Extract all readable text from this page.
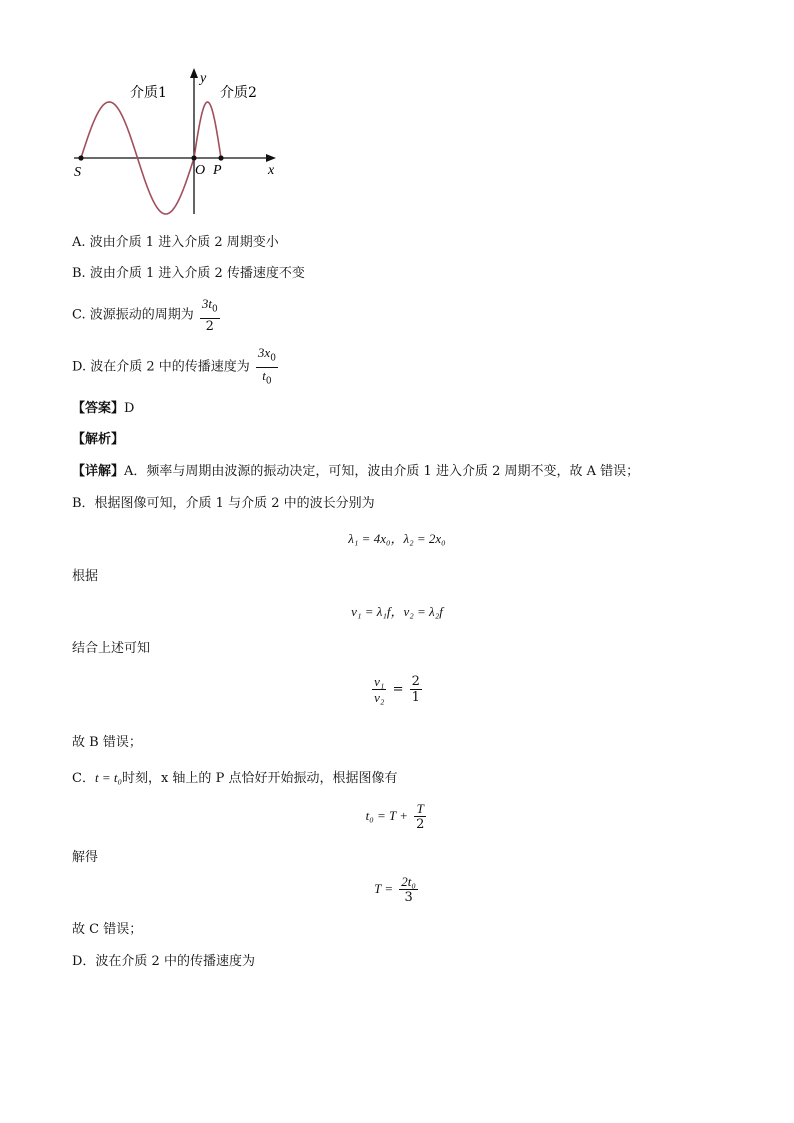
介质1	介质2
y
x
S	O P
A. 波由介质 1 进入介质 2 周期变小
B. 波由介质 1 进入介质 2 传播速度不变
C. 波源振动的周期为 $\frac{3t_0}{2}$
D. 波在介质 2 中的传播速度为 $\frac{3x_0}{t_0}$
【答案】D
【解析】
【详解】A．频率与周期由波源的振动决定，可知，波由介质 1 进入介质 2 周期不变，故 A 错误；
B．根据图像可知，介质 1 与介质 2 中的波长分别为
λ₁ = 4x₀，λ₂ = 2x₀
根据
v₁ = λ₁f，v₂ = λ₂f
结合上述可知
$\frac{\text{v₁}}{\text{v₂}} = \frac{2}{1}$
故 B 错误；
C．t = t₀时刻，x 轴上的 P 点恰好开始振动，根据图像有
$t_0 = T + \frac{T}{2}$
解得
$T = \frac{\text{2t₀}}{3}$
故 C 错误；
D．波在介质 2 中的传播速度为
